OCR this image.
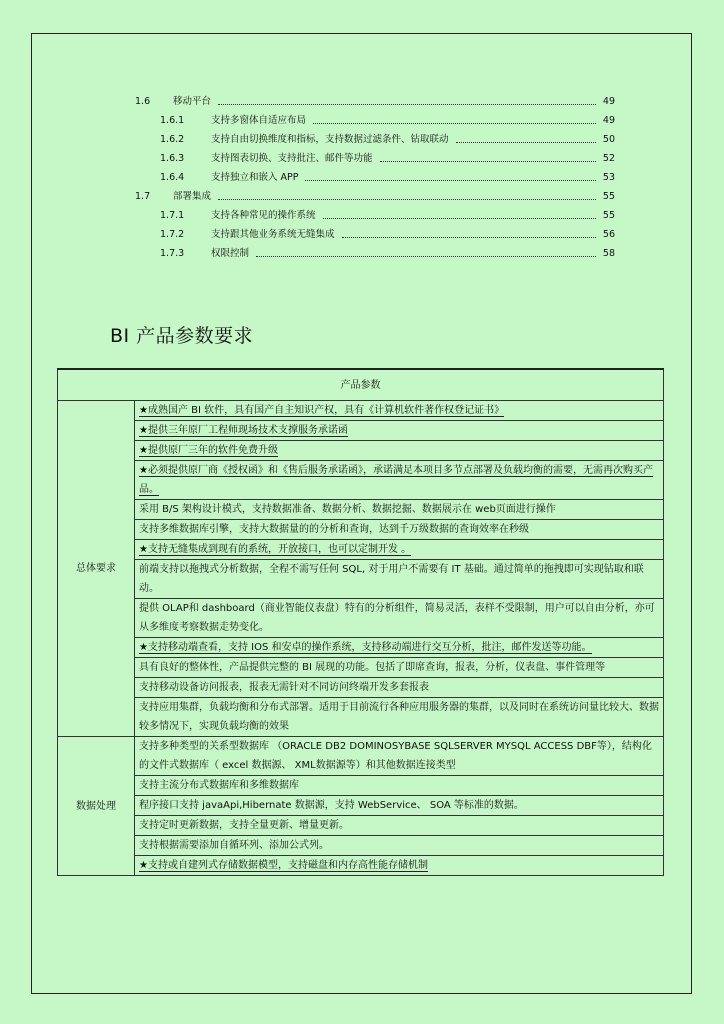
1.6	移动平台	49
1.6.1	支持多窗体自适应布局	49
1.6.2	支持自由切换维度和指标，支持数据过滤条件、钻取联动	50
1.6.3	支持图表切换、支持批注、邮件等功能	52
1.6.4	支持独立和嵌入 APP	53
1.7	部署集成	55
1.7.1	支持各种常见的操作系统	55
1.7.2	支持跟其他业务系统无缝集成	56
1.7.3	权限控制	58
BI 产品参数要求
产品参数	
总体要求	★成熟国产 BI 软件，具有国产自主知识产权，具有《计算机软件著作权登记证书》
	★提供三年原厂工程师现场技术支撑服务承诺函
	★提供原厂三年的软件免费升级
	★必须提供原厂商《授权函》和《售后服务承诺函》，承诺满足本项目多节点部署及负载均衡的需要，无需再次购买产品。
	采用 B/S 架构设计模式，支持数据准备、数据分析、数据挖掘、数据展示在 web页面进行操作
	支持多维数据库引擎，支持大数据量的的分析和查询，达到千万级数据的查询效率在秒级
	★支持无缝集成到现有的系统，开放接口，也可以定制开发 。
	前端支持以拖拽式分析数据，全程不需写任何 SQL, 对于用户不需要有 IT 基础。通过简单的拖拽即可实现钻取和联动。
	提供 OLAP和 dashboard（商业智能仪表盘）特有的分析组件，简易灵活，表样不受限制，用户可以自由分析，亦可从多维度考察数据走势变化。
	★支持移动端查看，支持 IOS 和安卓的操作系统，支持移动端进行交互分析，批注，邮件发送等功能。
	具有良好的整体性，产品提供完整的 BI 展现的功能。包括了即席查询，报表，分析，仪表盘、事件管理等
	支持移动设备访问报表，报表无需针对不同访问终端开发多套报表
	支持应用集群，负载均衡和分布式部署。适用于目前流行各种应用服务器的集群，以及同时在系统访问量比较大、数据较多情况下，实现负载均衡的效果
数据处理	支持多种类型的关系型数据库 （ORACLE DB2 DOMINOSYBASE SQLSERVER MYSQL ACCESS DBF等），结构化的文件式数据库（ excel 数据源、 XML数据源等）和其他数据连接类型
	支持主流分布式数据库和多维数据库
	程序接口支持 javaApi,Hibernate 数据源，支持 WebService、 SOA 等标准的数据。
	支持定时更新数据，支持全量更新、增量更新。
	支持根据需要添加自循环列、添加公式列。
	★支持或自建列式存储数据模型，支持磁盘和内存高性能存储机制
